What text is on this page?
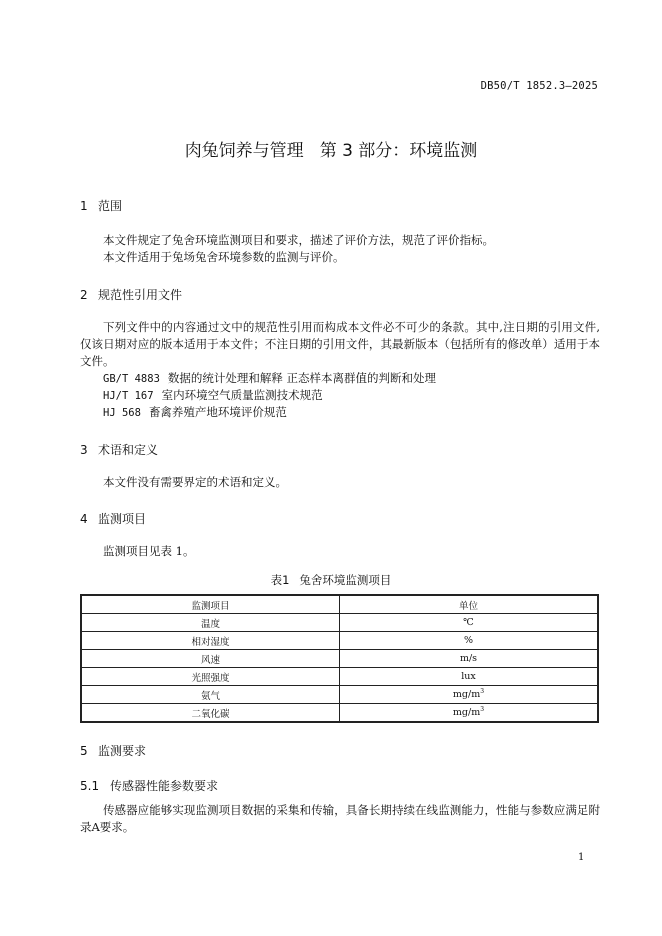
DB50/T 1852.3—2025
肉兔饲养与管理 第 3 部分：环境监测
1 范围
本文件规定了兔舍环境监测项目和要求，描述了评价方法，规范了评价指标。
本文件适用于兔场兔舍环境参数的监测与评价。
2 规范性引用文件
下列文件中的内容通过文中的规范性引用而构成本文件必不可少的条款。其中,注日期的引用文件,仅该日期对应的版本适用于本文件；不注日期的引用文件，其最新版本（包括所有的修改单）适用于本文件。
GB/T 4883 数据的统计处理和解释 正态样本离群值的判断和处理
HJ/T 167 室内环境空气质量监测技术规范
HJ 568 畜禽养殖产地环境评价规范
3 术语和定义
本文件没有需要界定的术语和定义。
4 监测项目
监测项目见表 1。
表1 兔舍环境监测项目
监测项目	单位
温度	℃
相对湿度	%
风速	m/s
光照强度	lux
氨气	$mg/m^3$
二氧化碳	$mg/m^3$
5 监测要求
5.1 传感器性能参数要求
传感器应能够实现监测项目数据的采集和传输，具备长期持续在线监测能力，性能与参数应满足附录A要求。
1
